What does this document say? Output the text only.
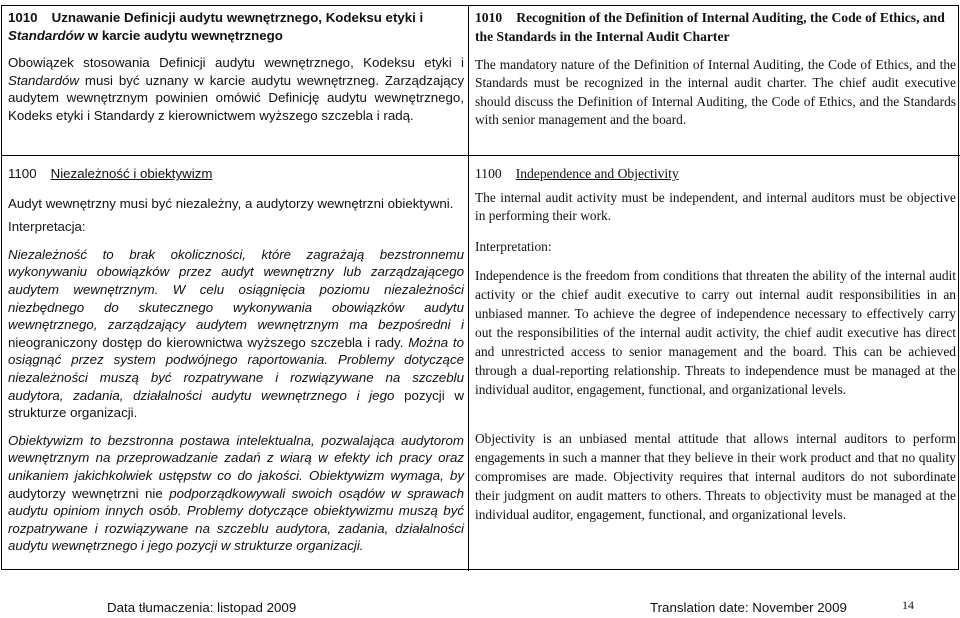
1010 Uznawanie Definicji audytu wewnętrznego, Kodeksu etyki i Standardów w karcie audytu wewnętrznego

Obowiązek stosowania Definicji audytu wewnętrznego, Kodeksu etyki i Standardów musi być uznany w karcie audytu wewnętrzneg. Zarządzający audytem wewnętrznym powinien omówić Definicję audytu wewnętrznego, Kodeks etyki i Standardy z kierownictwem wyższego szczebla i radą.

1010 Recognition of the Definition of Internal Auditing, the Code of Ethics, and the Standards in the Internal Audit Charter

The mandatory nature of the Definition of Internal Auditing, the Code of Ethics, and the Standards must be recognized in the internal audit charter. The chief audit executive should discuss the Definition of Internal Auditing, the Code of Ethics, and the Standards with senior management and the board.

1100 Niezależność i obiektywizm

Audyt wewnętrzny musi być niezależny, a audytorzy wewnętrzni obiektywni.

Interpretacja:

Niezależność to brak okoliczności, które zagrażają bezstronnemu wykonywaniu obowiązków przez audyt wewnętrzny lub zarządzającego audytem wewnętrznym. W celu osiągnięcia poziomu niezależności niezbędnego do skutecznego wykonywania obowiązków audytu wewnętrznego, zarządzający audytem wewnętrznym ma bezpośredni i nieograniczony dostęp do kierownictwa wyższego szczebla i rady. Można to osiągnąć przez system podwójnego raportowania. Problemy dotyczące niezależności muszą być rozpatrywane i rozwiązywane na szczeblu audytora, zadania, działalności audytu wewnętrznego i jego pozycji w strukturze organizacji.

Obiektywizm to bezstronna postawa intelektualna, pozwalająca audytorom wewnętrznym na przeprowadzanie zadań z wiarą w efekty ich pracy oraz unikaniem jakichkolwiek ustępstw co do jakości. Obiektywizm wymaga, by audytorzy wewnętrzni nie podporządkowywali swoich osądów w sprawach audytu opiniom innych osób. Problemy dotyczące obiektywizmu muszą być rozpatrywane i rozwiązywane na szczeblu audytora, zadania, działalności audytu wewnętrznego i jego pozycji w strukturze organizacji.

1100 Independence and Objectivity

The internal audit activity must be independent, and internal auditors must be objective in performing their work.

Interpretation:

Independence is the freedom from conditions that threaten the ability of the internal audit activity or the chief audit executive to carry out internal audit responsibilities in an unbiased manner. To achieve the degree of independence necessary to effectively carry out the responsibilities of the internal audit activity, the chief audit executive has direct and unrestricted access to senior management and the board. This can be achieved through a dual-reporting relationship. Threats to independence must be managed at the individual auditor, engagement, functional, and organizational levels.

Objectivity is an unbiased mental attitude that allows internal auditors to perform engagements in such a manner that they believe in their work product and that no quality compromises are made. Objectivity requires that internal auditors do not subordinate their judgment on audit matters to others. Threats to objectivity must be managed at the individual auditor, engagement, functional, and organizational levels.

Data tłumaczenia: listopad 2009	Translation date: November 2009	14
